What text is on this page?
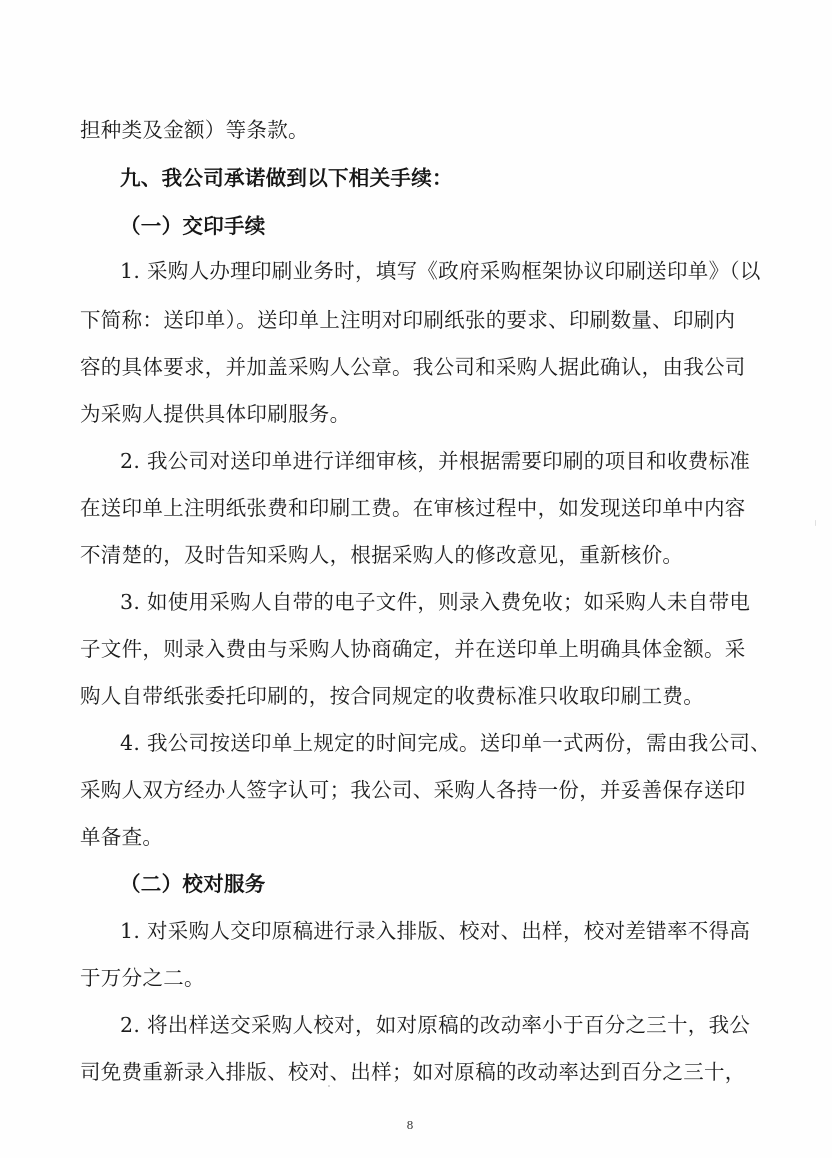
担种类及金额）等条款。
九、我公司承诺做到以下相关手续：
（一）交印手续
1. 采购人办理印刷业务时，填写《政府采购框架协议印刷送印单》（以
下简称：送印单）。送印单上注明对印刷纸张的要求、印刷数量、印刷内
容的具体要求，并加盖采购人公章。我公司和采购人据此确认，由我公司
为采购人提供具体印刷服务。
2. 我公司对送印单进行详细审核，并根据需要印刷的项目和收费标准
在送印单上注明纸张费和印刷工费。在审核过程中，如发现送印单中内容
不清楚的，及时告知采购人，根据采购人的修改意见，重新核价。
3. 如使用采购人自带的电子文件，则录入费免收；如采购人未自带电
子文件，则录入费由与采购人协商确定，并在送印单上明确具体金额。采
购人自带纸张委托印刷的，按合同规定的收费标准只收取印刷工费。
4. 我公司按送印单上规定的时间完成。送印单一式两份，需由我公司、
采购人双方经办人签字认可；我公司、采购人各持一份，并妥善保存送印
单备查。
（二）校对服务
1. 对采购人交印原稿进行录入排版、校对、出样，校对差错率不得高
于万分之二。
2. 将出样送交采购人校对，如对原稿的改动率小于百分之三十，我公
司免费重新录入排版、校对、出样；如对原稿的改动率达到百分之三十，
8
